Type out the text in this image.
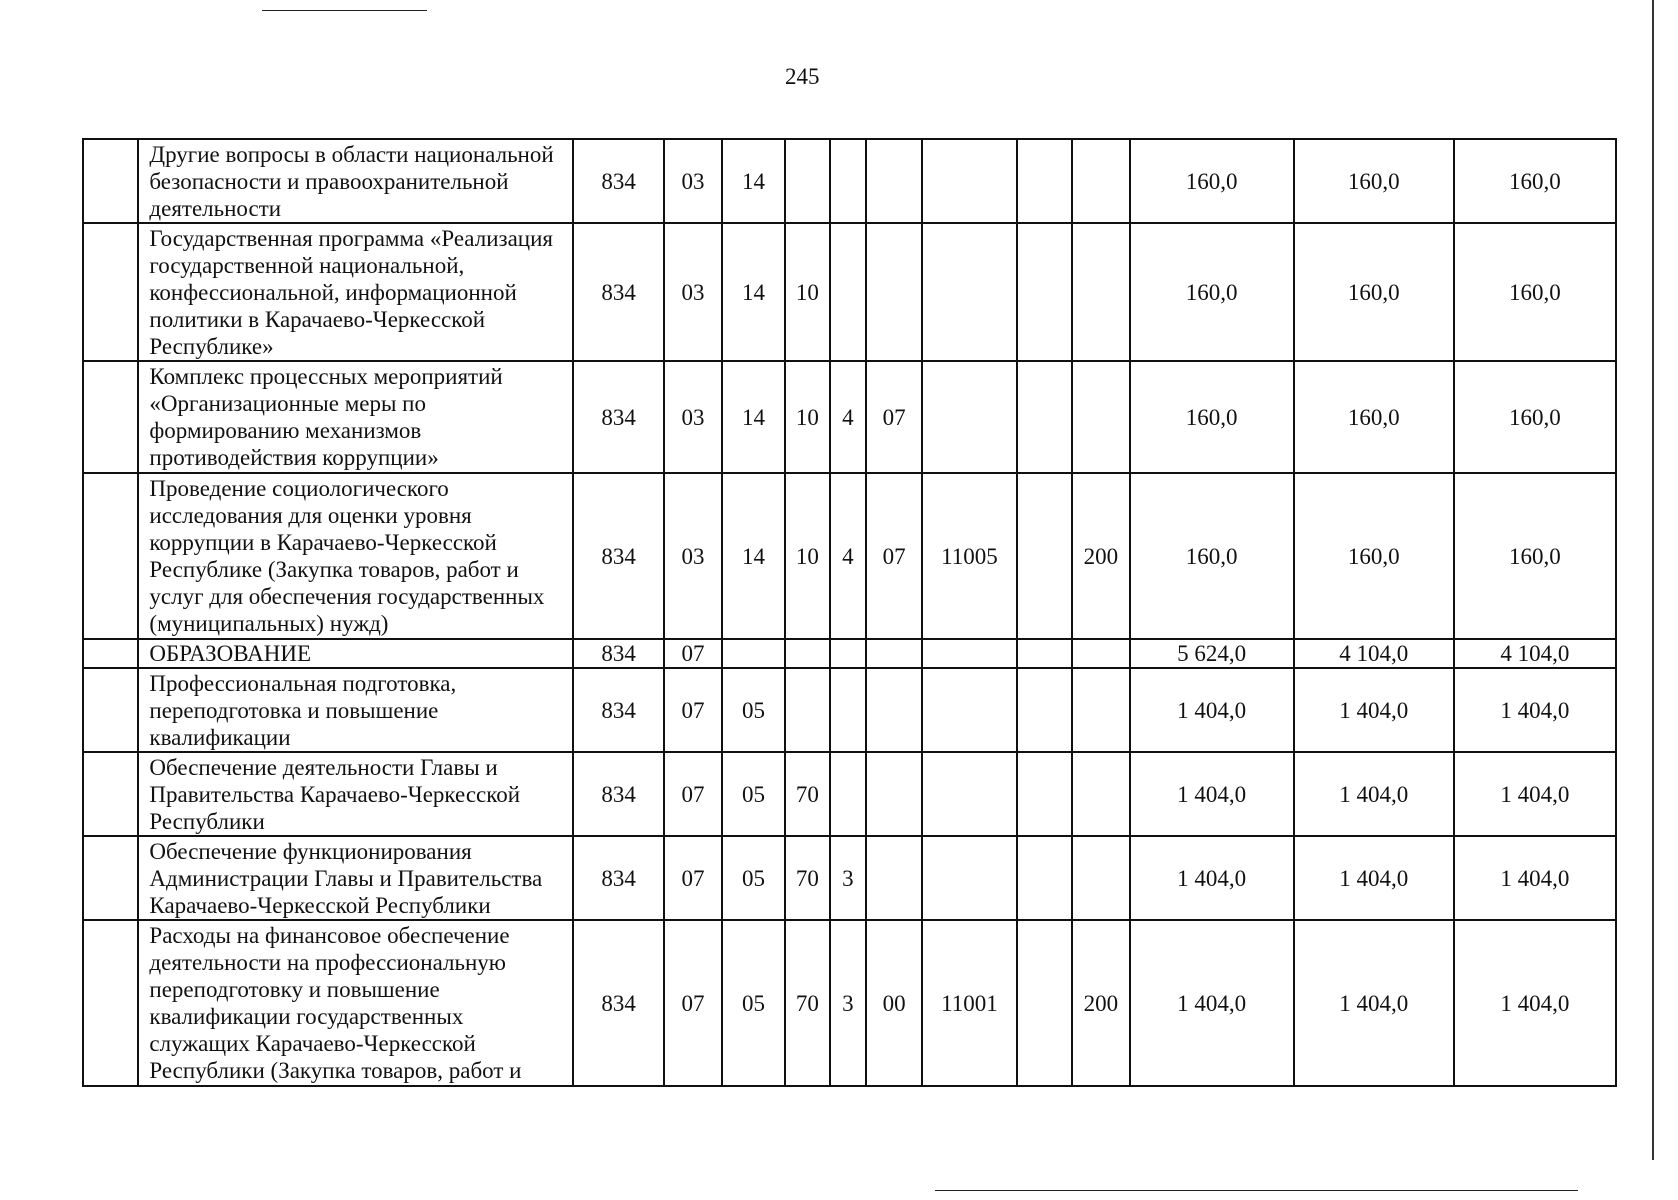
245
	Другие вопросы в области национальной безопасности и правоохранительной деятельности	834	03	14							160,0	160,0	160,0
	Государственная программа «Реализация государственной национальной, конфессиональной, информационной политики в Карачаево-Черкесской Республике»	834	03	14	10						160,0	160,0	160,0
	Комплекс процессных мероприятий «Организационные меры по формированию механизмов противодействия коррупции»	834	03	14	10	4	07				160,0	160,0	160,0
	Проведение социологического исследования для оценки уровня коррупции в Карачаево-Черкесской Республике (Закупка товаров, работ и услуг для обеспечения государственных (муниципальных) нужд)	834	03	14	10	4	07	11005		200	160,0	160,0	160,0
	ОБРАЗОВАНИЕ	834	07								5 624,0	4 104,0	4 104,0
	Профессиональная подготовка, переподготовка и повышение квалификации	834	07	05							1 404,0	1 404,0	1 404,0
	Обеспечение деятельности Главы и Правительства Карачаево-Черкесской Республики	834	07	05	70						1 404,0	1 404,0	1 404,0
	Обеспечение функционирования Администрации Главы и Правительства Карачаево-Черкесской Республики	834	07	05	70	3					1 404,0	1 404,0	1 404,0
	Расходы на финансовое обеспечение деятельности на профессиональную переподготовку и повышение квалификации государственных служащих Карачаево-Черкесской Республики (Закупка товаров, работ и	834	07	05	70	3	00	11001		200	1 404,0	1 404,0	1 404,0
